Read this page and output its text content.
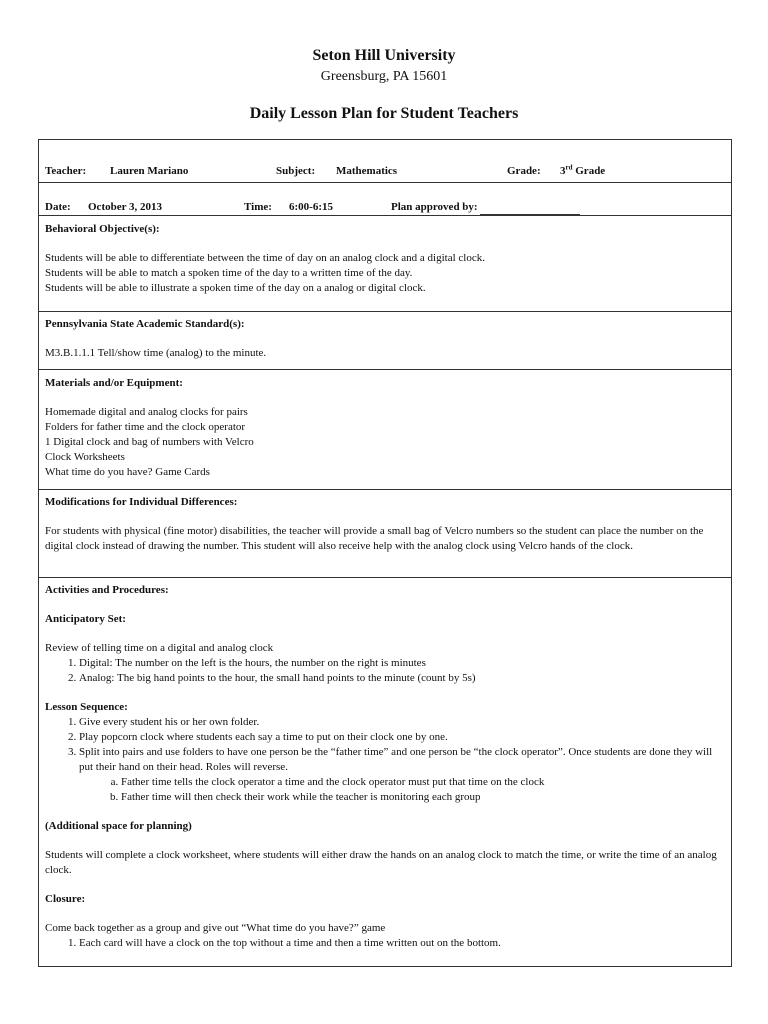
Seton Hill University
Greensburg, PA 15601
Daily Lesson Plan for Student Teachers
Teacher: Lauren Mariano	Subject: Mathematics	Grade: 3rd Grade
Date: October 3, 2013	Time: 6:00-6:15	Plan approved by:

Behavioral Objective(s):

Students will be able to differentiate between the time of day on an analog clock and a digital clock.

Students will be able to match a spoken time of the day to a written time of the day.

Students will be able to illustrate a spoken time of the day on a analog or digital clock.

Pennsylvania State Academic Standard(s):

M3.B.1.1.1 Tell/show time (analog) to the minute.

Materials and/or Equipment:

Homemade digital and analog clocks for pairs

Folders for father time and the clock operator

1 Digital clock and bag of numbers with Velcro

Clock Worksheets

What time do you have? Game Cards

Modifications for Individual Differences:

For students with physical (fine motor) disabilities, the teacher will provide a small bag of Velcro numbers so the student can place the number on the digital clock instead of drawing the number. This student will also receive help with the analog clock using Velcro hands of the clock.

Activities and Procedures:

Anticipatory Set:

Review of telling time on a digital and analog clock

1. Digital: The number on the left is the hours, the number on the right is minutes
2. Analog: The big hand points to the hour, the small hand points to the minute (count by 5s)

Lesson Sequence:

1. Give every student his or her own folder.
2. Play popcorn clock where students each say a time to put on their clock one by one.
3. Split into pairs and use folders to have one person be the “father time” and one person be “the clock operator”. Once students are done they will put their hand on their head. Roles will reverse.
a. Father time tells the clock operator a time and the clock operator must put that time on the clock
b. Father time will then check their work while the teacher is monitoring each group

(Additional space for planning)

Students will complete a clock worksheet, where students will either draw the hands on an analog clock to match the time, or write the time of an analog clock.

Closure:

Come back together as a group and give out “What time do you have?” game

1. Each card will have a clock on the top without a time and then a time written out on the bottom.
